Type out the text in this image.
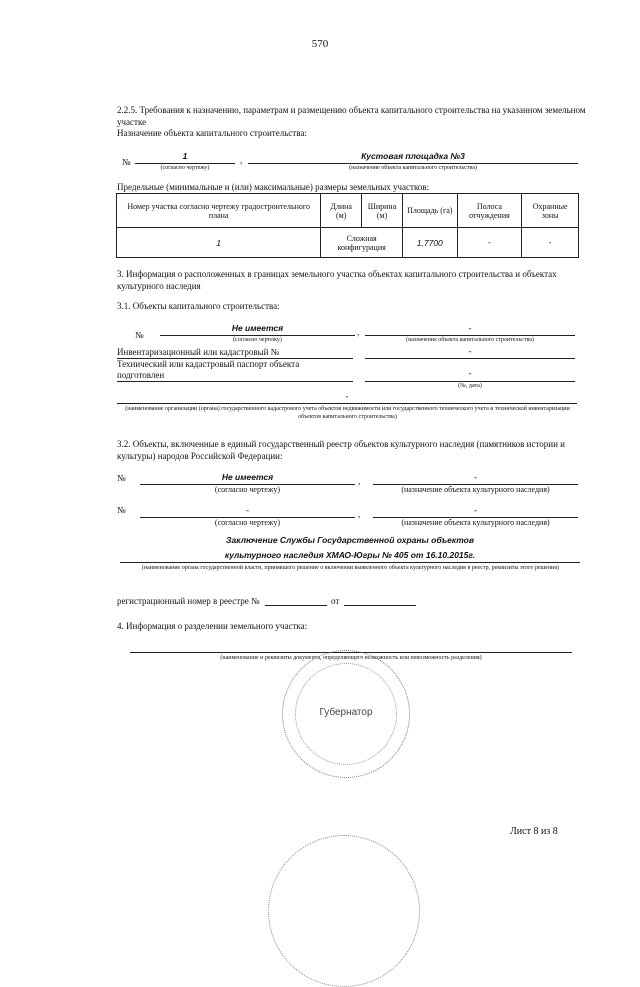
570
2.2.5. Требования к назначению, параметрам и размещению объекта капитального строительства на указанном земельном участке
Назначение объекта капитального строительства:
№
1
(согласно чертежу)
,	Кустовая площадка №3
(назначение объекта капитального строительства)
Предельные (минимальные и (или) максимальные) размеры земельных участков:
Номер участка согласно чертежу градостроительного плана	Длина (м)	Ширина (м)	Площадь (га)	Полоса отчуждения	Охранные зоны
1	Сложная конфигурация		1,7700	-	-
3. Информация о расположенных в границах земельного участка объектах капитального строительства и объектах культурного наследия
3.1. Объекты капитального строительства:
№
Не имеется
(согласно чертежу)
,	-
(назначение объекта капитального строительства)
Инвентаризационный или кадастровый №	-
Технический или кадастровый паспорт объекта подготовлен	-
(№, дата)
-
(наименование организации (органа) государственного кадастрового учета объектов недвижимости или государственного технического учета и технической инвентаризации объектов капитального строительства)
3.2. Объекты, включенные в единый государственный реестр объектов культурного наследия (памятников истории и культуры) народов Российской Федерации:
№	Не имеется
(согласно чертежу)
,	-
(назначение объекта культурного наследия)
№	-
(согласно чертежу)
,	-
(назначение объекта культурного наследия)
Заключение Службы Государственной охраны объектов
культурного наследия ХМАО-Югры № 405 от 16.10.2015г.
(наименование органа государственной власти, принявшего решение о включении выявленного объекта культурного наследия в реестр, реквизиты этого решения)
регистрационный номер в реестре №	от
4. Информация о разделении земельного участка:
(наименование и реквизиты документа, определяющего возможность или невозможность разделения)
Губернатор
Лист 8 из 8
